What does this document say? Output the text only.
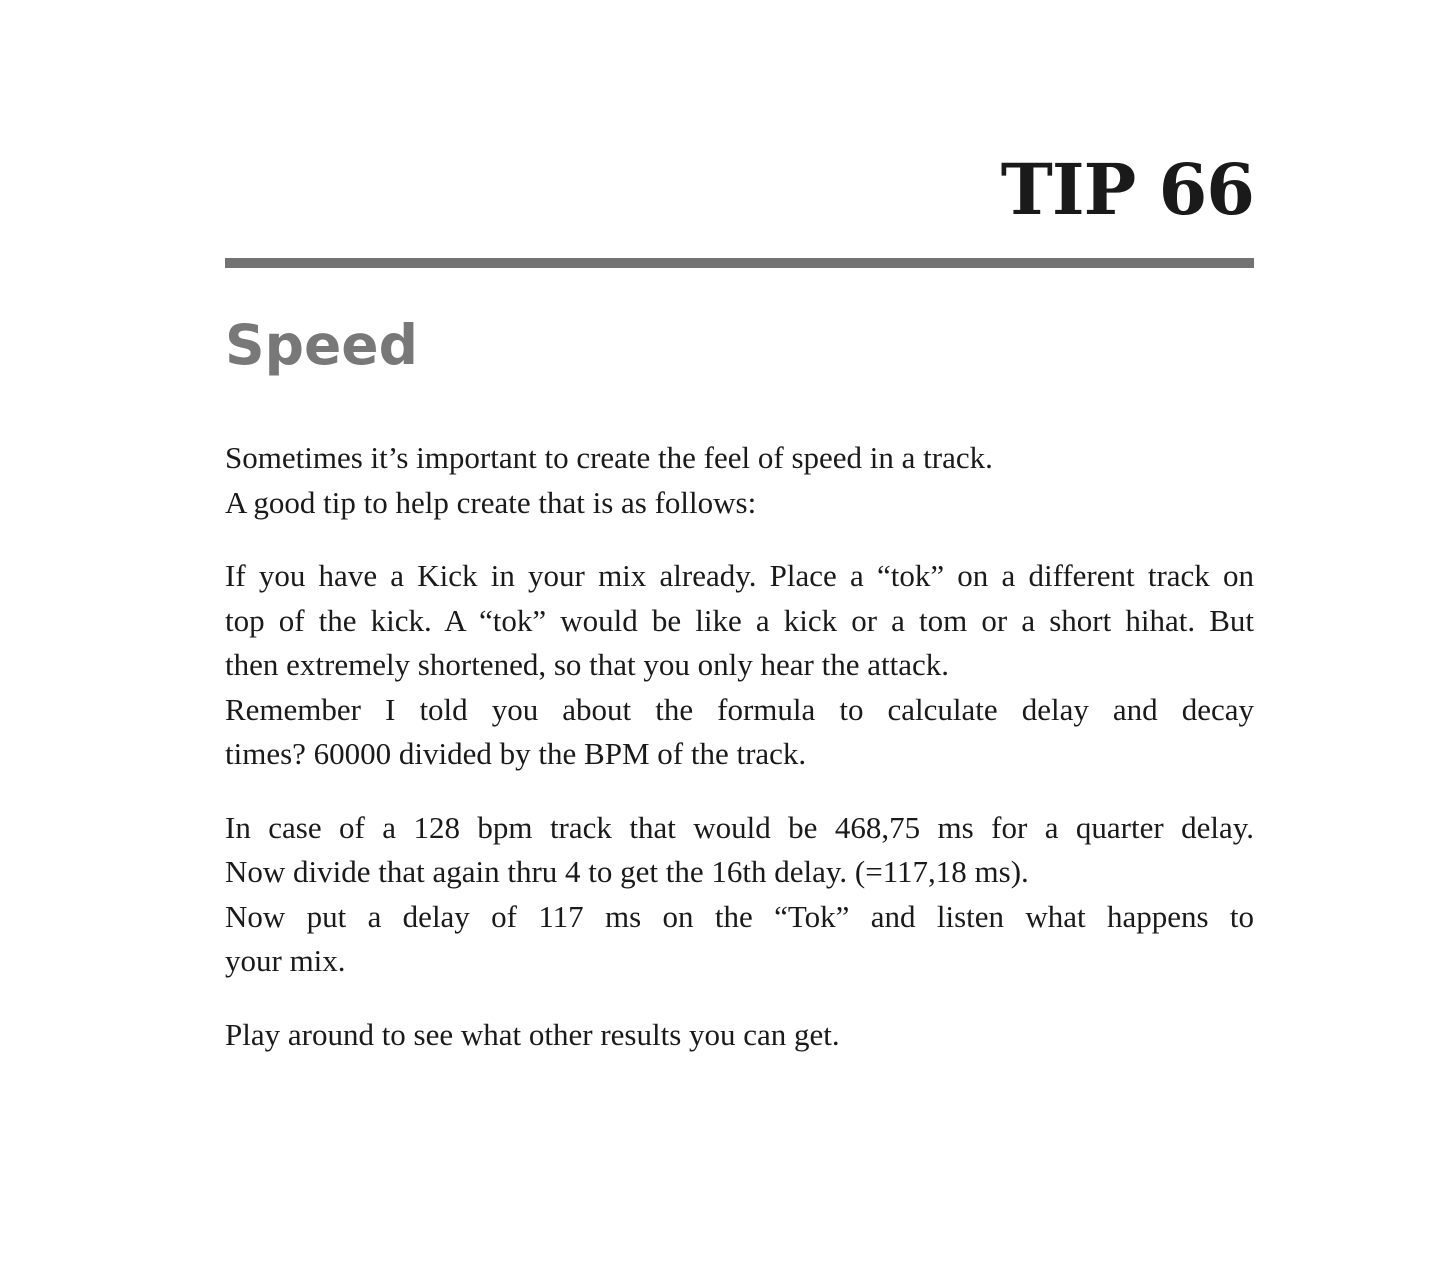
TIP 66
Speed

Sometimes it’s important to create the feel of speed in a track.
A good tip to help create that is as follows:

If you have a Kick in your mix already. Place a “tok” on a different track on
top of the kick. A “tok” would be like a kick or a tom or a short hihat. But
then extremely shortened, so that you only hear the attack.
Remember I told you about the formula to calculate delay and decay
times? 60000 divided by the BPM of the track.

In case of a 128 bpm track that would be 468,75 ms for a quarter delay.
Now divide that again thru 4 to get the 16th delay. (=117,18 ms).
Now put a delay of 117 ms on the “Tok” and listen what happens to
your mix.

Play around to see what other results you can get.
